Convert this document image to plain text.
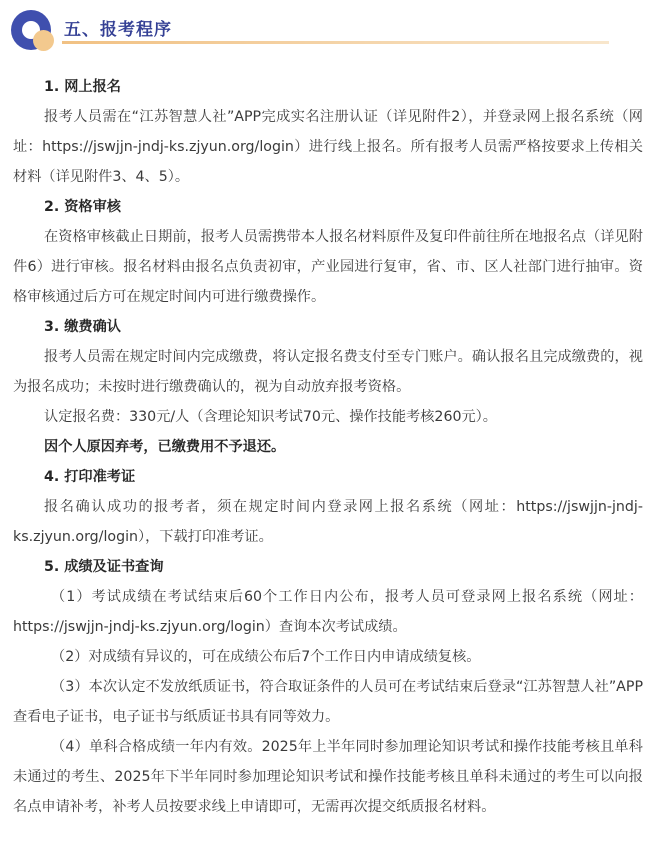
五、报考程序
1. 网上报名
报考人员需在“江苏智慧人社”APP完成实名注册认证（详见附件2），并登录网上报名系统（网址：https://jswjjn-jndj-ks.zjyun.org/login）进行线上报名。所有报考人员需严格按要求上传相关材料（详见附件3、4、5）。
2. 资格审核
在资格审核截止日期前，报考人员需携带本人报名材料原件及复印件前往所在地报名点（详见附件6）进行审核。报名材料由报名点负责初审，产业园进行复审，省、市、区人社部门进行抽审。资格审核通过后方可在规定时间内可进行缴费操作。
3. 缴费确认
报考人员需在规定时间内完成缴费，将认定报名费支付至专门账户。确认报名且完成缴费的，视为报名成功；未按时进行缴费确认的，视为自动放弃报考资格。
认定报名费：330元/人（含理论知识考试70元、操作技能考核260元）。
因个人原因弃考，已缴费用不予退还。
4. 打印准考证
报名确认成功的报考者，须在规定时间内登录网上报名系统（网址：https://jswjjn-jndj-ks.zjyun.org/login），下载打印准考证。
5. 成绩及证书查询
（1）考试成绩在考试结束后60个工作日内公布，报考人员可登录网上报名系统（网址：https://jswjjn-jndj-ks.zjyun.org/login）查询本次考试成绩。
（2）对成绩有异议的，可在成绩公布后7个工作日内申请成绩复核。
（3）本次认定不发放纸质证书，符合取证条件的人员可在考试结束后登录“江苏智慧人社”APP查看电子证书，电子证书与纸质证书具有同等效力。
（4）单科合格成绩一年内有效。2025年上半年同时参加理论知识考试和操作技能考核且单科未通过的考生、2025年下半年同时参加理论知识考试和操作技能考核且单科未通过的考生可以向报名点申请补考，补考人员按要求线上申请即可，无需再次提交纸质报名材料。
